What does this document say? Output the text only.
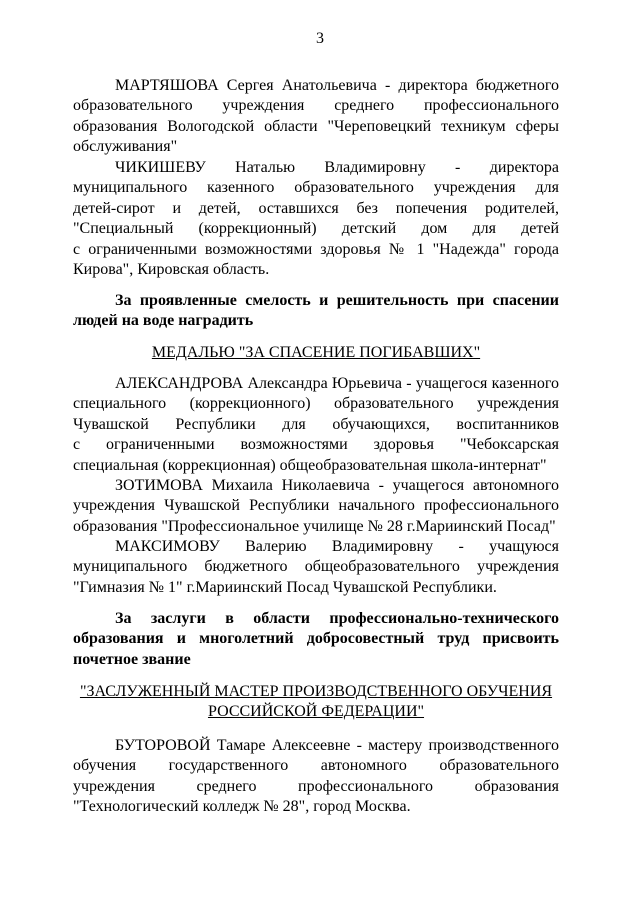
3
МАРТЯШОВА Сергея Анатольевича - директора бюджетного
образовательного учреждения среднего профессионального
образования Вологодской области "Череповецкий техникум сферы
обслуживания"
ЧИКИШЕВУ Наталью Владимировну - директора
муниципального казенного образовательного учреждения для
детей-сирот и детей, оставшихся без попечения родителей,
"Специальный (коррекционный) детский дом для детей
с ограниченными возможностями здоровья № 1 "Надежда" города
Кирова", Кировская область.
За проявленные смелость и решительность при спасении
людей на воде наградить

МЕДАЛЬЮ "ЗА СПАСЕНИЕ ПОГИБАВШИХ"

АЛЕКСАНДРОВА Александра Юрьевича - учащегося казенного
специального (коррекционного) образовательного учреждения
Чувашской Республики для обучающихся, воспитанников
с ограниченными возможностями здоровья "Чебоксарская
специальная (коррекционная) общеобразовательная школа-интернат"
ЗОТИМОВА Михаила Николаевича - учащегося автономного
учреждения Чувашской Республики начального профессионального
образования "Профессиональное училище № 28 г.Мариинский Посад"
МАКСИМОВУ Валерию Владимировну - учащуюся
муниципального бюджетного общеобразовательного учреждения
"Гимназия № 1" г.Мариинский Посад Чувашской Республики.
За заслуги в области профессионально-технического
образования и многолетний добросовестный труд присвоить
почетное звание

"ЗАСЛУЖЕННЫЙ МАСТЕР ПРОИЗВОДСТВЕННОГО ОБУЧЕНИЯ

РОССИЙСКОЙ ФЕДЕРАЦИИ"

БУТОРОВОЙ Тамаре Алексеевне - мастеру производственного
обучения государственного автономного образовательного
учреждения среднего профессионального образования
"Технологический колледж № 28", город Москва.
